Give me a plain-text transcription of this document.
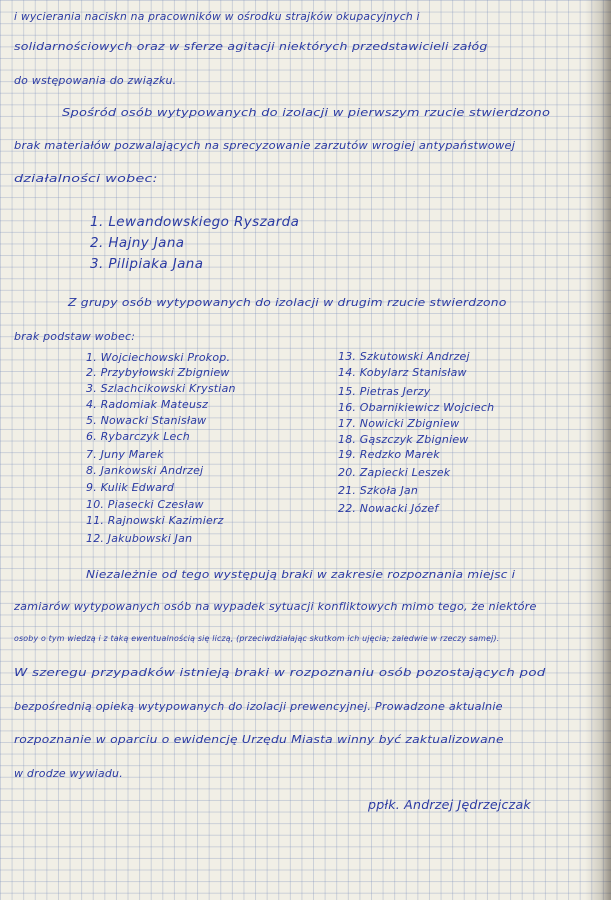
i wycierania naciskn na pracowników w ośrodku strajków okupacyjnych i
solidarnościowych oraz w sferze agitacji niektórych przedstawicieli załóg
do wstępowania do związku.
Spośród osób wytypowanych do izolacji w pierwszym rzucie stwierdzono
brak materiałów pozwalających na sprecyzowanie zarzutów wrogiej antypaństwowej
działalności wobec:
1. Lewandowskiego Ryszarda
2. Hajny Jana
3. Pilipiaka Jana
Z grupy osób wytypowanych do izolacji w drugim rzucie stwierdzono
brak podstaw wobec:
1. Wojciechowski Prokop.
2. Przybyłowski Zbigniew
3. Szlachcikowski Krystian
4. Radomiak Mateusz
5. Nowacki Stanisław
6. Rybarczyk Lech
7. Juny Marek
8. Jankowski Andrzej
9. Kulik Edward
10. Piasecki Czesław
11. Rajnowski Kazimierz
12. Jakubowski Jan
13. Szkutowski Andrzej
14. Kobylarz Stanisław
15. Pietras Jerzy
16. Obarnikiewicz Wojciech
17. Nowicki Zbigniew
18. Gąszczyk Zbigniew
19. Redzko Marek
20. Zapiecki Leszek
21. Szkoła Jan
22. Nowacki Józef
Niezależnie od tego występują braki w zakresie rozpoznania miejsc i
zamiarów wytypowanych osób na wypadek sytuacji konfliktowych mimo tego, że niektóre
osoby o tym wiedzą i z taką ewentualnością się liczą, (przeciwdziałając skutkom ich ujęcia; zaledwie w rzeczy samej).
W szeregu przypadków istnieją braki w rozpoznaniu osób pozostających pod
bezpośrednią opieką wytypowanych do izolacji prewencyjnej. Prowadzone aktualnie
rozpoznanie w oparciu o ewidencję Urzędu Miasta winny być zaktualizowane
w drodze wywiadu.
ppłk. Andrzej Jędrzejczak
